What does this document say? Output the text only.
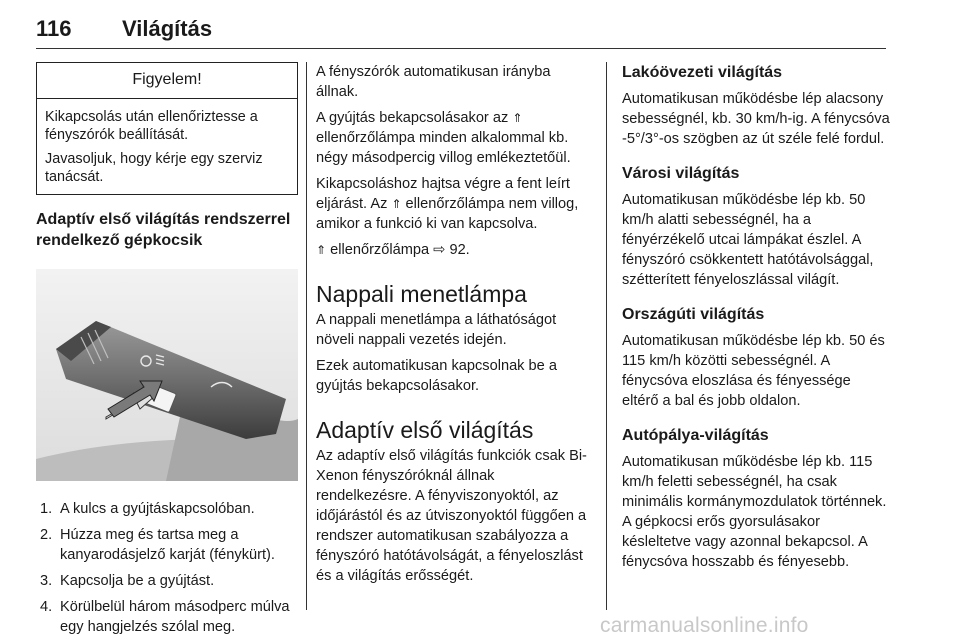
116 Világítás
Figyelem!

Kikapcsolás után ellenőriztesse a fényszórók beállítását.

Javasoljuk, hogy kérje egy szerviz tanácsát.

Adaptív első világítás rendszerrel rendelkező gépkocsik
1. A kulcs a gyújtáskapcsolóban.
2. Húzza meg és tartsa meg a kanyarodásjelző karját (fénykürt).
3. Kapcsolja be a gyújtást.
4. Körülbelül három másodperc múlva egy hangjelzés szólal meg.

A fényszórók automatikusan irányba állnak.

A gyújtás bekapcsolásakor az ⇑ ellenőrzőlámpa minden alkalommal kb. négy másodpercig villog emlékeztetőül.

Kikapcsoláshoz hajtsa végre a fent leírt eljárást. Az ⇑ ellenőrzőlámpa nem villog, amikor a funkció ki van kapcsolva.

⇑ ellenőrzőlámpa ⇨ 92.

Nappali menetlámpa

A nappali menetlámpa a láthatóságot növeli nappali vezetés idején.

Ezek automatikusan kapcsolnak be a gyújtás bekapcsolásakor.

Adaptív első világítás

Az adaptív első világítás funkciók csak Bi-Xenon fényszóróknál állnak rendelkezésre. A fényviszonyoktól, az időjárástól és az útviszonyoktól függően a rendszer automatikusan szabályozza a fényszóró hatótávolságát, a fényeloszlást és a világítás erősségét.

Lakóövezeti világítás

Automatikusan működésbe lép alacsony sebességnél, kb. 30 km/h-ig. A fénycsóva -5°/3°-os szögben az út széle felé fordul.

Városi világítás

Automatikusan működésbe lép kb. 50 km/h alatti sebességnél, ha a fényérzékelő utcai lámpákat észlel. A fényszóró csökkentett hatótávolsággal, szétterített fényeloszlással világít.

Országúti világítás

Automatikusan működésbe lép kb. 50 és 115 km/h közötti sebességnél. A fénycsóva eloszlása és fényessége eltérő a bal és jobb oldalon.

Autópálya-világítás

Automatikusan működésbe lép kb. 115 km/h feletti sebességnél, ha csak minimális kormánymozdulatok történnek. A gépkocsi erős gyorsulásakor késleltetve vagy azonnal bekapcsol. A fénycsóva hosszabb és fényesebb.

carmanualsonline.info
